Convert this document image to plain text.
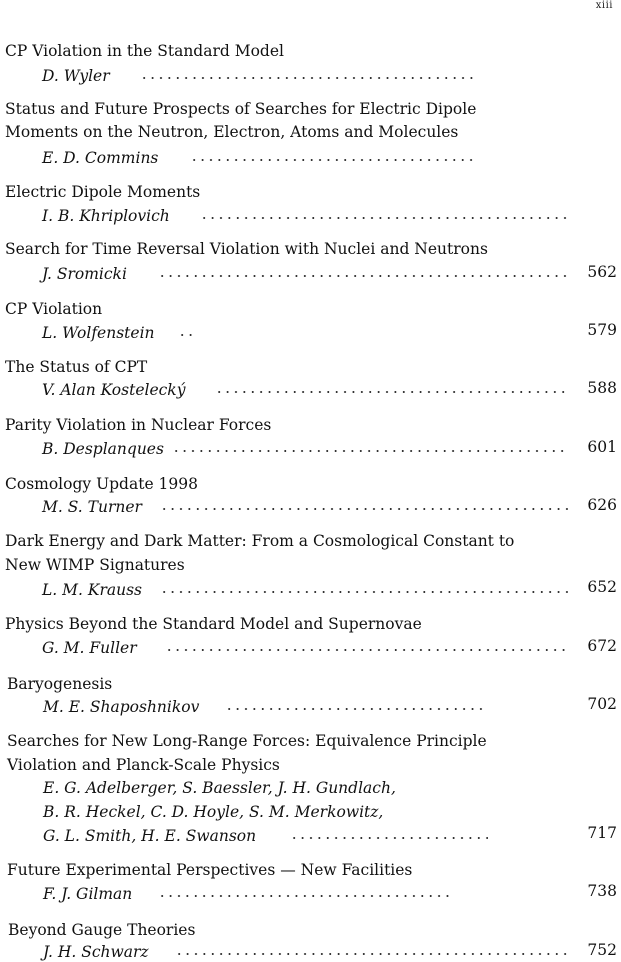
xiii
CP Violation in the Standard Model
D. Wyler
Status and Future Prospects of Searches for Electric Dipole
Moments on the Neutron, Electron, Atoms and Molecules
E. D. Commins
Electric Dipole Moments
I. B. Khriplovich
Search for Time Reversal Violation with Nuclei and Neutrons
J. Sromicki	562
CP Violation
L. Wolfenstein	579
The Status of CPT
V. Alan Kostelecký	588
Parity Violation in Nuclear Forces
B. Desplanques	601
Cosmology Update 1998
M. S. Turner	626
Dark Energy and Dark Matter: From a Cosmological Constant to
New WIMP Signatures
L. M. Krauss	652
Physics Beyond the Standard Model and Supernovae
G. M. Fuller	672
Baryogenesis
M. E. Shaposhnikov	702
Searches for New Long-Range Forces: Equivalence Principle
Violation and Planck-Scale Physics
E. G. Adelberger, S. Baessler, J. H. Gundlach,
B. R. Heckel, C. D. Hoyle, S. M. Merkowitz,
G. L. Smith, H. E. Swanson	717
Future Experimental Perspectives — New Facilities
F. J. Gilman	738
Beyond Gauge Theories
J. H. Schwarz	752
